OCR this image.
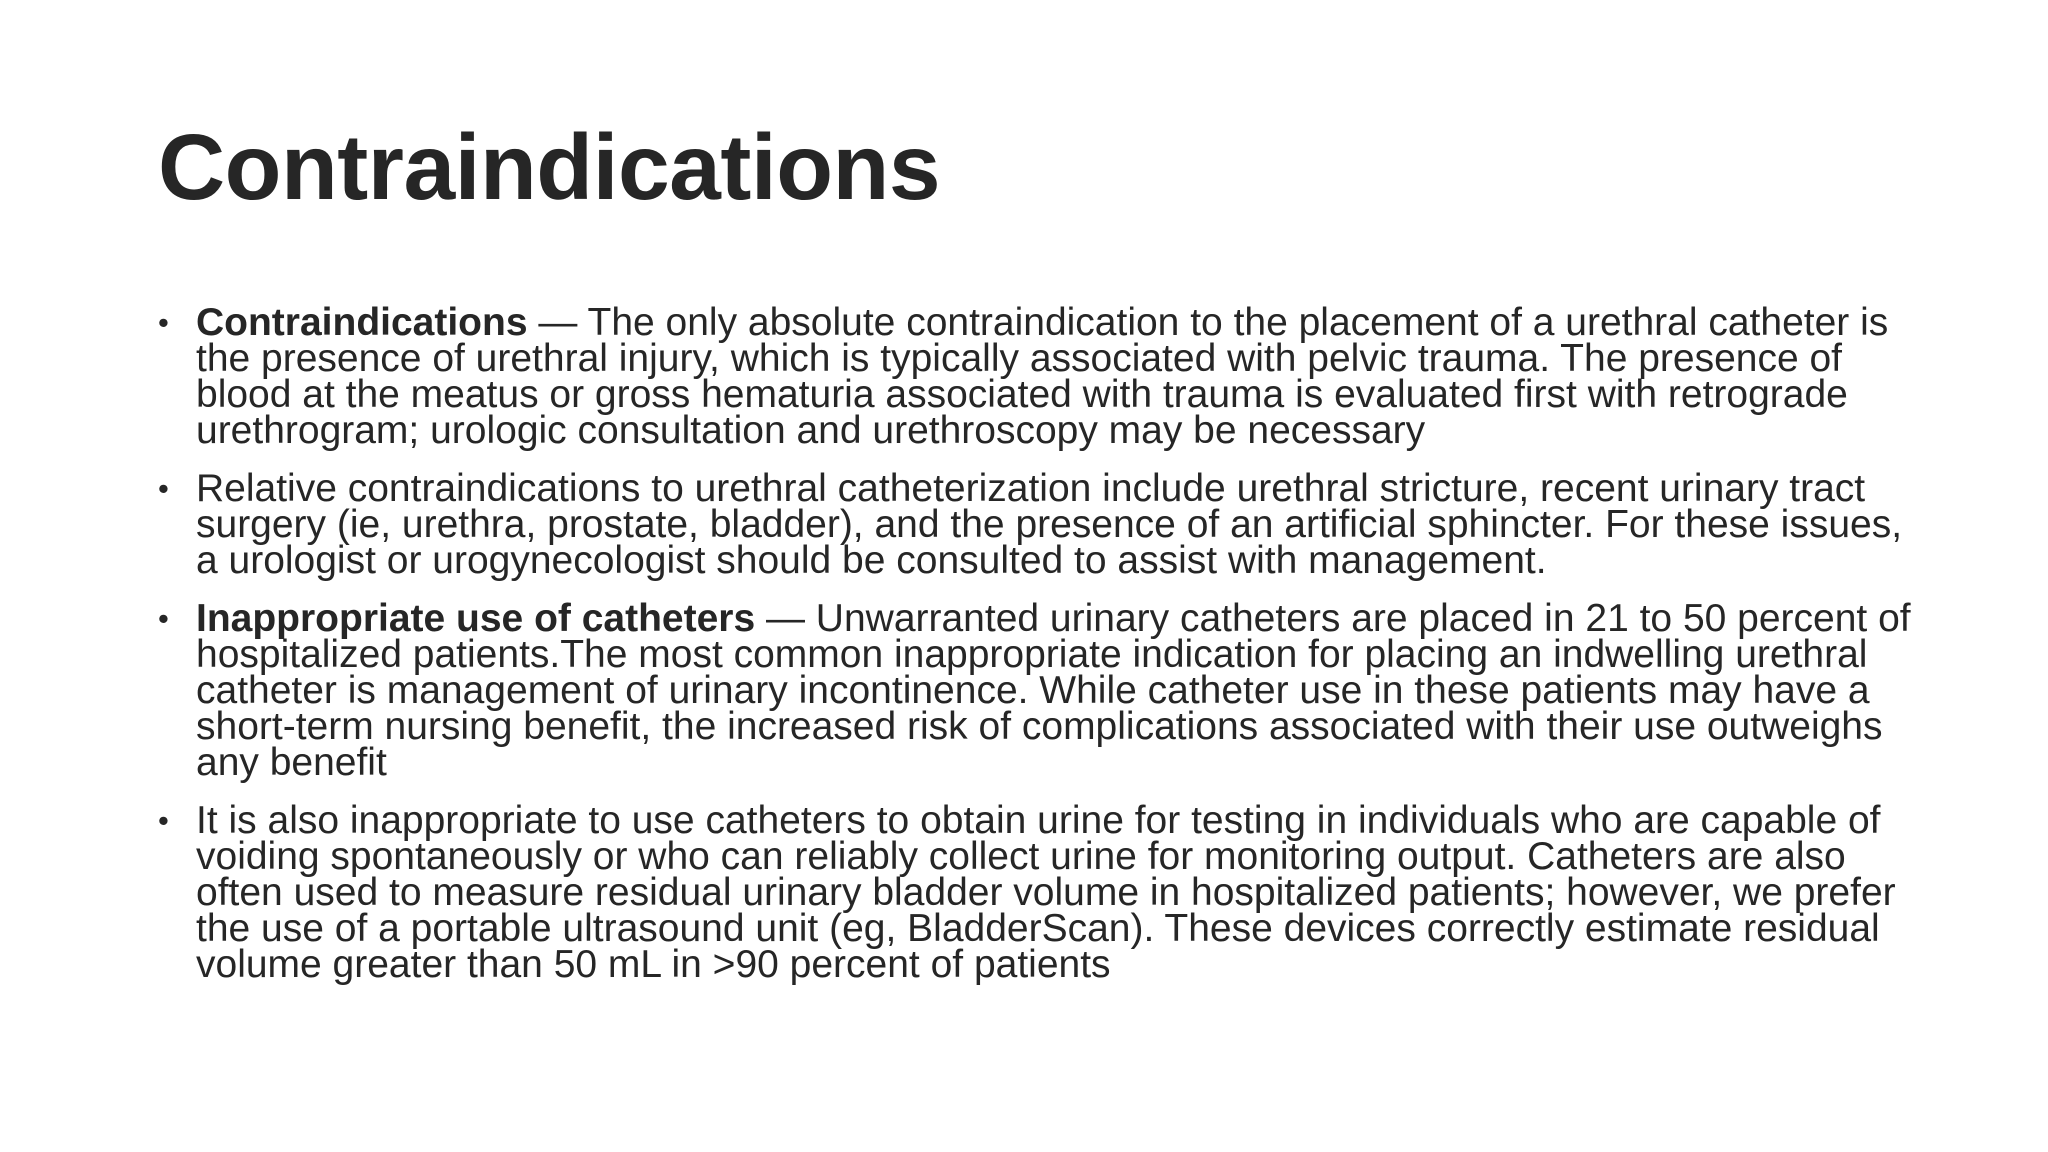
Contraindications
• Contraindications — The only absolute contraindication to the placement of a urethral catheter is the presence of urethral injury, which is typically associated with pelvic trauma. The presence of blood at the meatus or gross hematuria associated with trauma is evaluated first with retrograde urethrogram; urologic consultation and urethroscopy may be necessary
• Relative contraindications to urethral catheterization include urethral stricture, recent urinary tract surgery (ie, urethra, prostate, bladder), and the presence of an artificial sphincter. For these issues, a urologist or urogynecologist should be consulted to assist with management.
• Inappropriate use of catheters — Unwarranted urinary catheters are placed in 21 to 50 percent of hospitalized patients.The most common inappropriate indication for placing an indwelling urethral catheter is management of urinary incontinence. While catheter use in these patients may have a short-term nursing benefit, the increased risk of complications associated with their use outweighs any benefit
• It is also inappropriate to use catheters to obtain urine for testing in individuals who are capable of voiding spontaneously or who can reliably collect urine for monitoring output. Catheters are also often used to measure residual urinary bladder volume in hospitalized patients; however, we prefer the use of a portable ultrasound unit (eg, BladderScan). These devices correctly estimate residual volume greater than 50 mL in >90 percent of patients
